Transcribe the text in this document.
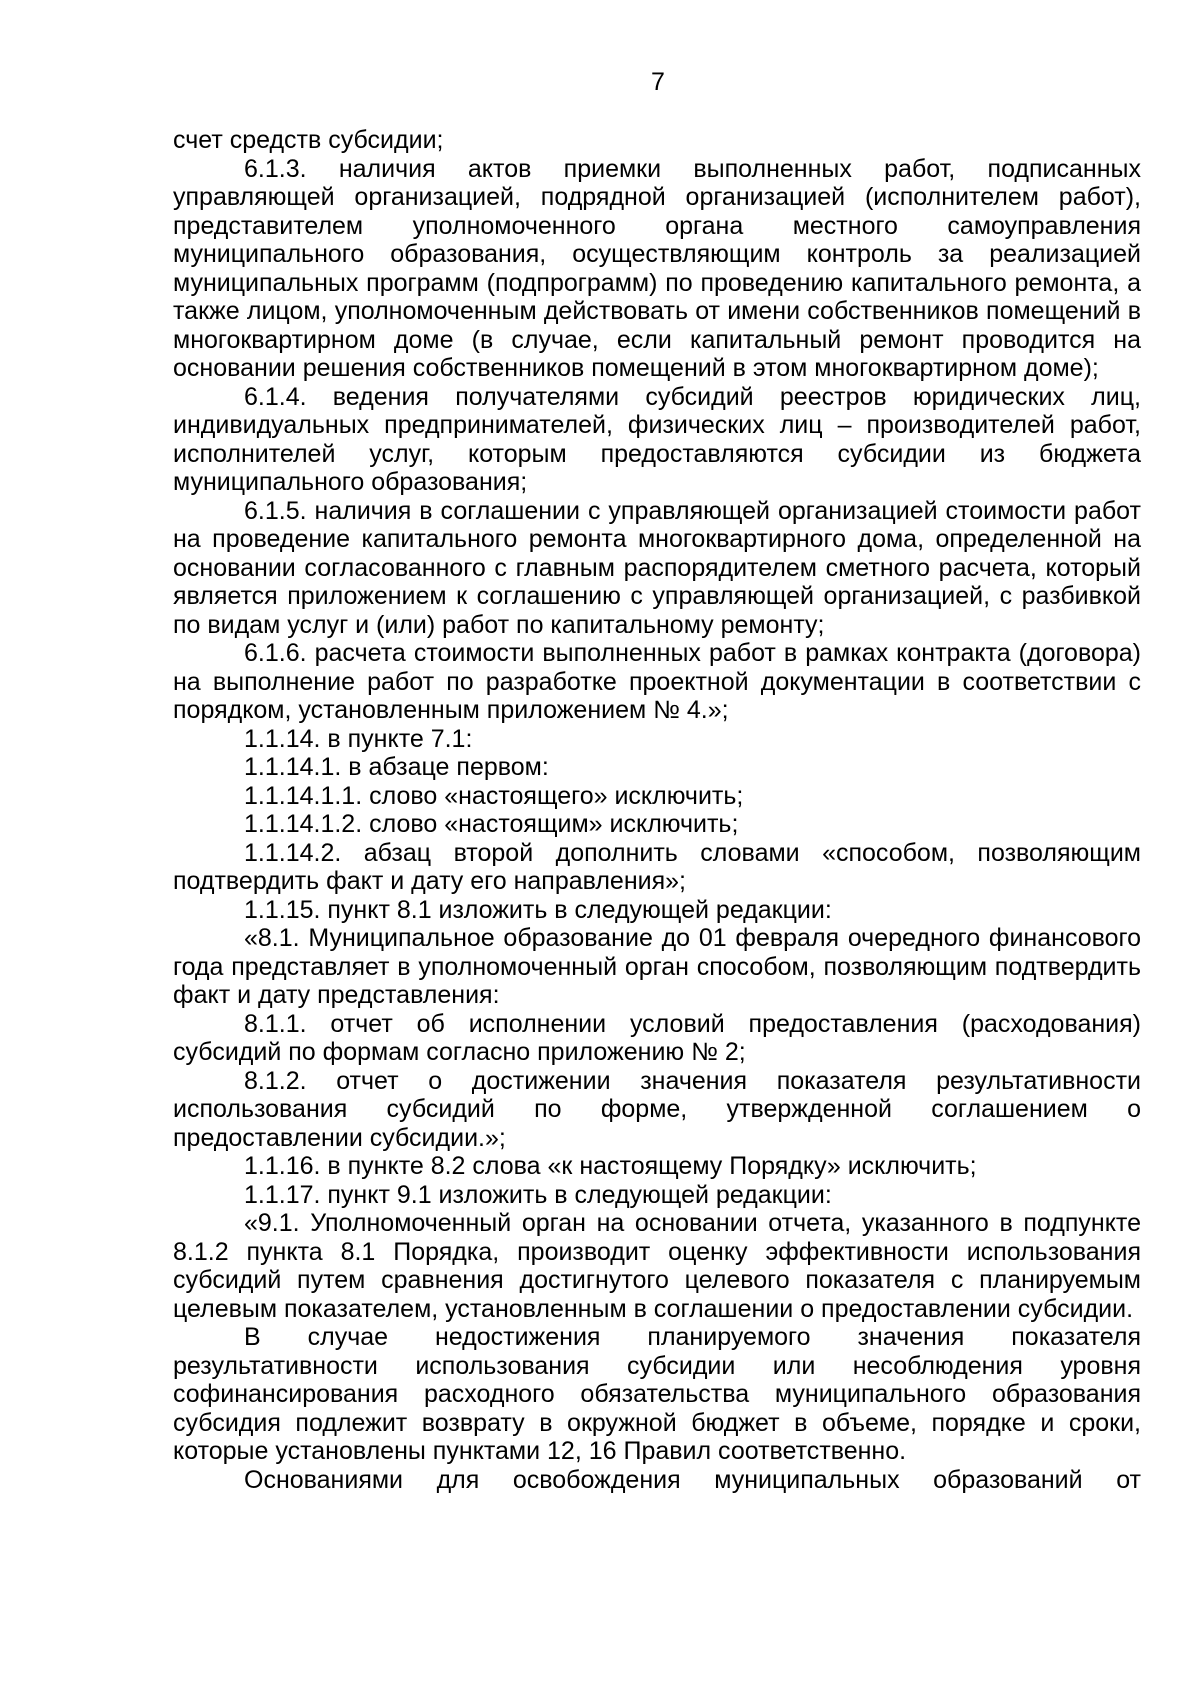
7

счет средств субсидии;

6.1.3. наличия актов приемки выполненных работ, подписанных управляющей организацией, подрядной организацией (исполнителем работ), представителем уполномоченного органа местного самоуправления муниципального образования, осуществляющим контроль за реализацией муниципальных программ (подпрограмм) по проведению капитального ремонта, а также лицом, уполномоченным действовать от имени собственников помещений в многоквартирном доме (в случае, если капитальный ремонт проводится на основании решения собственников помещений в этом многоквартирном доме);

6.1.4. ведения получателями субсидий реестров юридических лиц, индивидуальных предпринимателей, физических лиц – производителей работ, исполнителей услуг, которым предоставляются субсидии из бюджета муниципального образования;

6.1.5. наличия в соглашении с управляющей организацией стоимости работ на проведение капитального ремонта многоквартирного дома, определенной на основании согласованного с главным распорядителем сметного расчета, который является приложением к соглашению с управляющей организацией, с разбивкой по видам услуг и (или) работ по капитальному ремонту;

6.1.6. расчета стоимости выполненных работ в рамках контракта (договора) на выполнение работ по разработке проектной документации в соответствии с порядком, установленным приложением № 4.»;

1.1.14. в пункте 7.1:

1.1.14.1. в абзаце первом:

1.1.14.1.1. слово «настоящего» исключить;

1.1.14.1.2. слово «настоящим» исключить;

1.1.14.2. абзац второй дополнить словами «способом, позволяющим подтвердить факт и дату его направления»;

1.1.15. пункт 8.1 изложить в следующей редакции:

«8.1. Муниципальное образование до 01 февраля очередного финансового года представляет в уполномоченный орган способом, позволяющим подтвердить факт и дату представления:

8.1.1. отчет об исполнении условий предоставления (расходования) субсидий по формам согласно приложению № 2;

8.1.2. отчет о достижении значения показателя результативности использования субсидий по форме, утвержденной соглашением о предоставлении субсидии.»;

1.1.16. в пункте 8.2 слова «к настоящему Порядку» исключить;

1.1.17. пункт 9.1 изложить в следующей редакции:

«9.1. Уполномоченный орган на основании отчета, указанного в подпункте 8.1.2 пункта 8.1 Порядка, производит оценку эффективности использования субсидий путем сравнения достигнутого целевого показателя с планируемым целевым показателем, установленным в соглашении о предоставлении субсидии.

В случае недостижения планируемого значения показателя результативности использования субсидии или несоблюдения уровня софинансирования расходного обязательства муниципального образования субсидия подлежит возврату в окружной бюджет в объеме, порядке и сроки, которые установлены пунктами 12, 16 Правил соответственно.

Основаниями для освобождения муниципальных образований от
